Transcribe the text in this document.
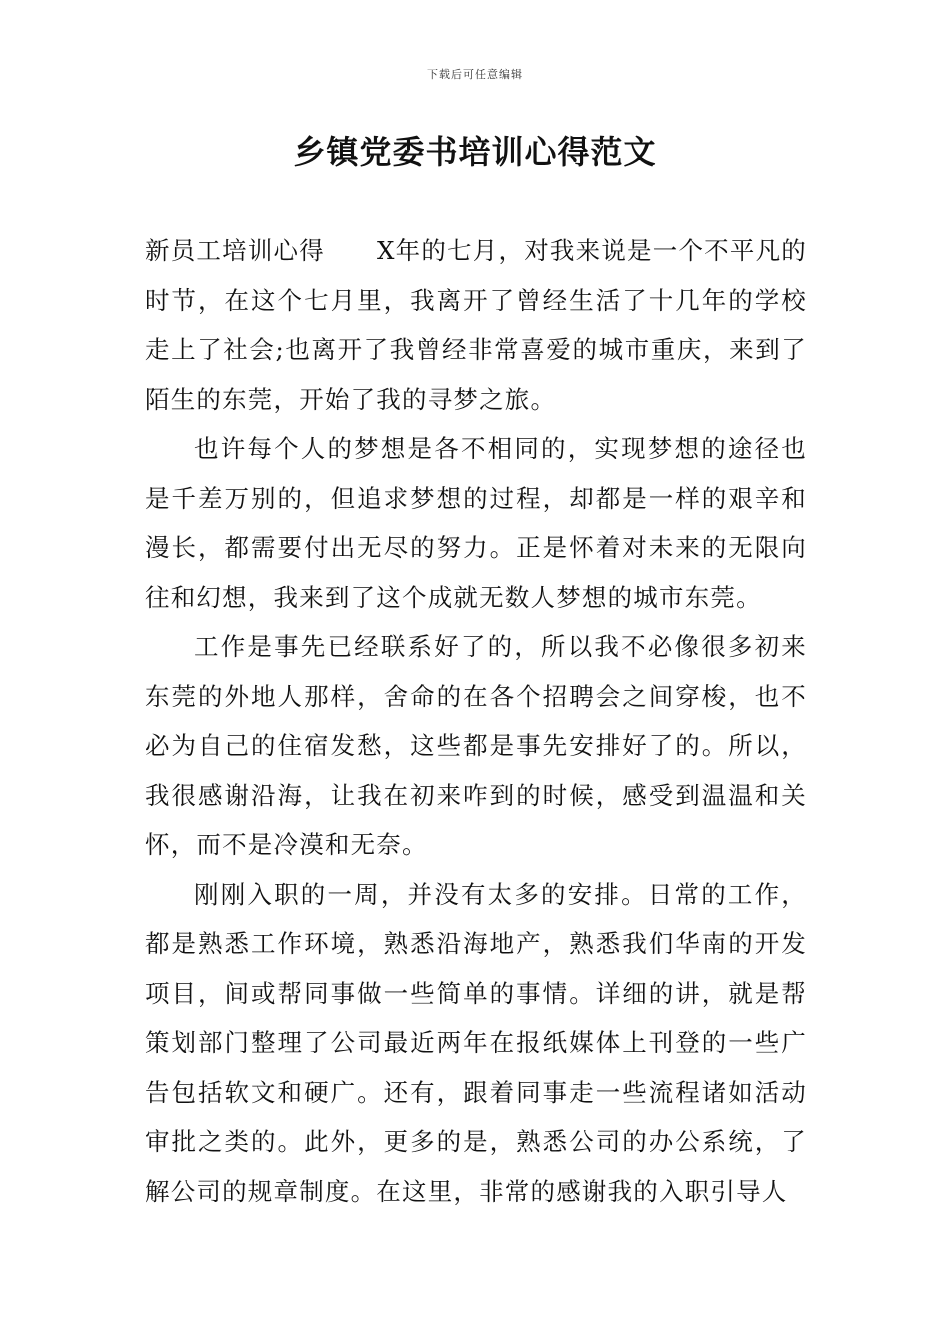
下载后可任意编辑
乡镇党委书培训心得范文

新员工培训心得 X年的七月，对我来说是一个不平凡的时节，在这个七月里，我离开了曾经生活了十几年的学校走上了社会;也离开了我曾经非常喜爱的城市重庆，来到了陌生的东莞，开始了我的寻梦之旅。

也许每个人的梦想是各不相同的，实现梦想的途径也是千差万别的，但追求梦想的过程，却都是一样的艰辛和漫长，都需要付出无尽的努力。正是怀着对未来的无限向往和幻想，我来到了这个成就无数人梦想的城市东莞。

工作是事先已经联系好了的，所以我不必像很多初来东莞的外地人那样，舍命的在各个招聘会之间穿梭，也不必为自己的住宿发愁，这些都是事先安排好了的。所以，我很感谢沿海，让我在初来咋到的时候，感受到温温和关怀，而不是冷漠和无奈。

刚刚入职的一周，并没有太多的安排。日常的工作，都是熟悉工作环境，熟悉沿海地产，熟悉我们华南的开发项目，间或帮同事做一些简单的事情。详细的讲，就是帮策划部门整理了公司最近两年在报纸媒体上刊登的一些广告包括软文和硬广。还有，跟着同事走一些流程诸如活动审批之类的。此外，更多的是，熟悉公司的办公系统，了解公司的规章制度。在这里，非常的感谢我的入职引导人
